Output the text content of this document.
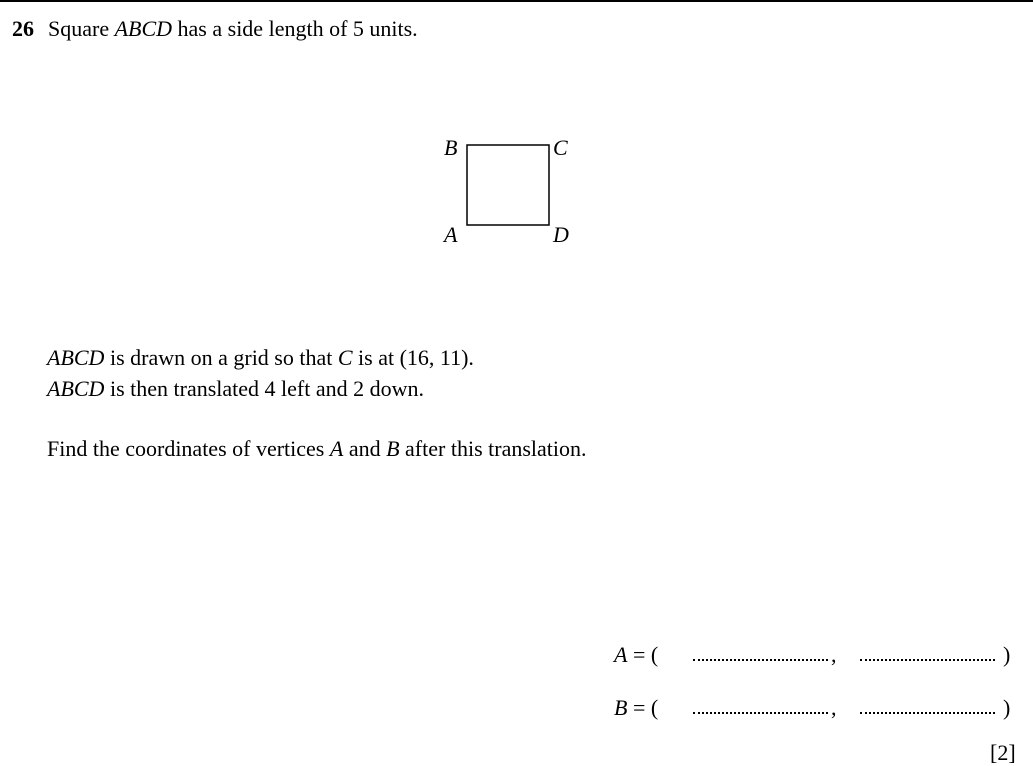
26 Square ABCD has a side length of 5 units.

B	C
A	D

ABCD is drawn on a grid so that C is at (16, 11).

ABCD is then translated 4 left and 2 down.

Find the coordinates of vertices A and B after this translation.

A = (	,	)
B = (	,	)
[2]
